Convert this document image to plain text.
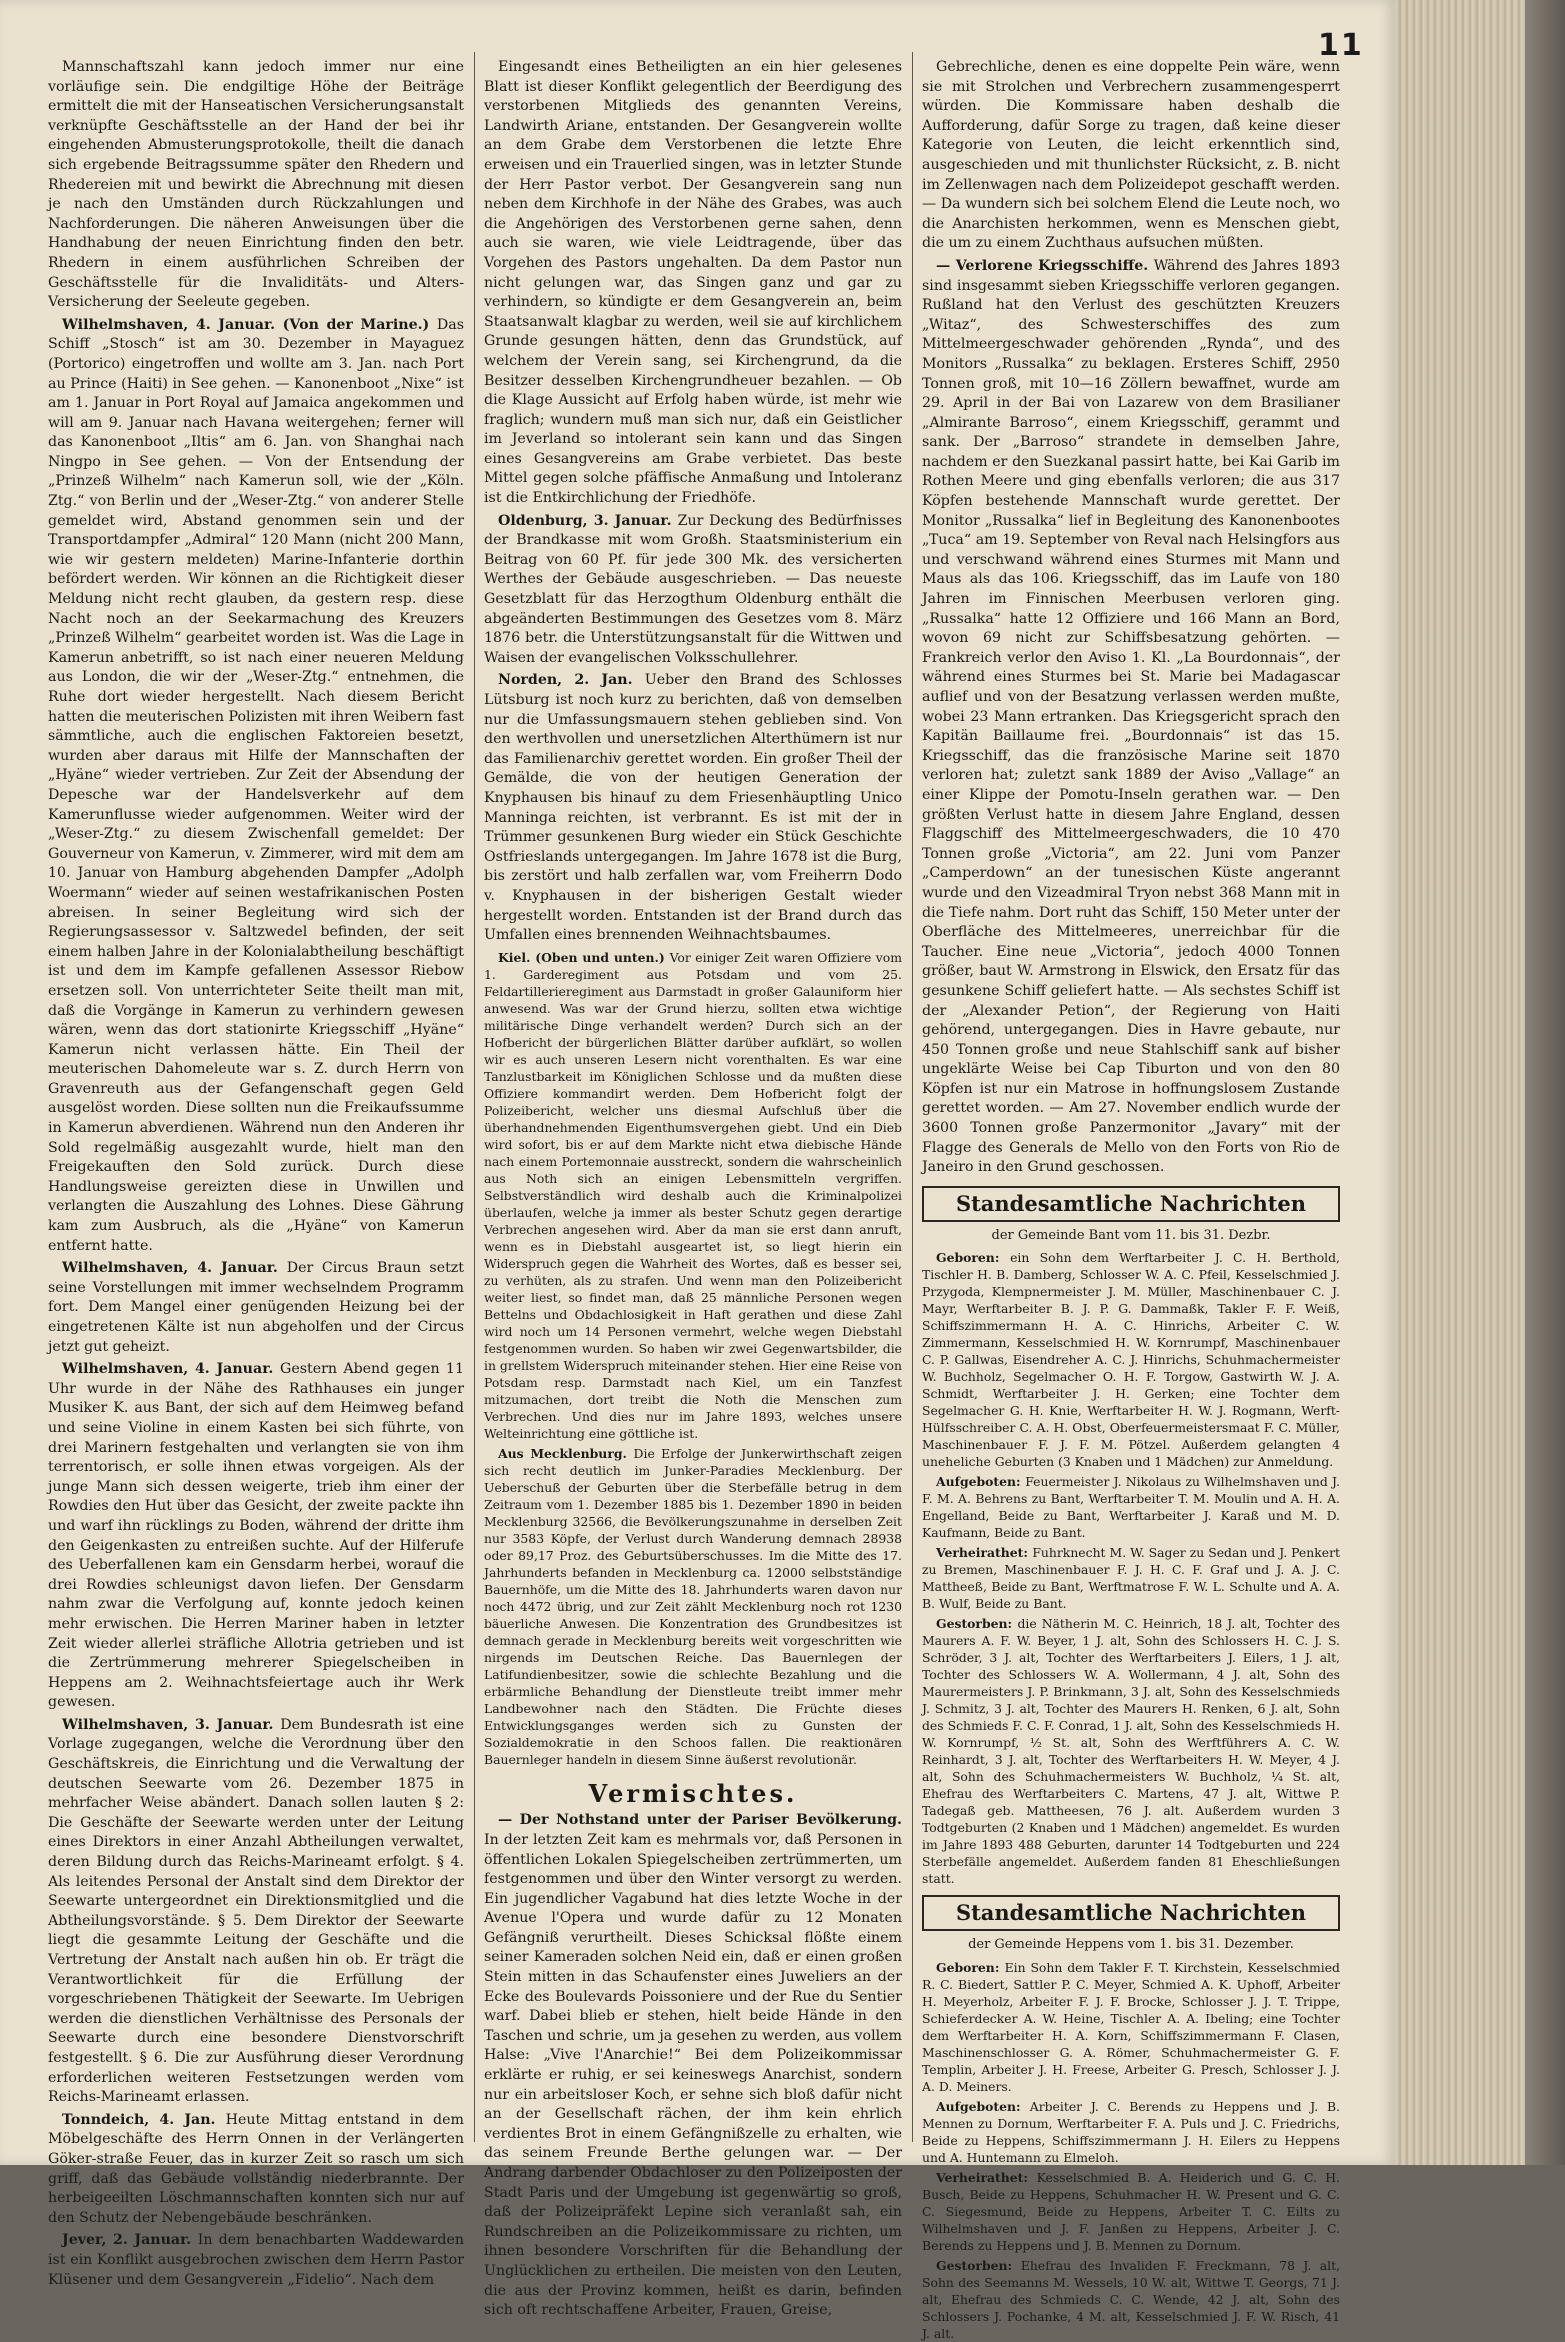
11

Mannschaftszahl kann jedoch immer nur eine vorläufige sein. Die endgiltige Höhe der Beiträge ermittelt die mit der Hanseatischen Versicherungsanstalt verknüpfte Geschäftsstelle an der Hand der bei ihr eingehenden Abmusterungsprotokolle, theilt die danach sich ergebende Beitragssumme später den Rhedern und Rhedereien mit und bewirkt die Abrechnung mit diesen je nach den Umständen durch Rückzahlungen und Nachforderungen. Die näheren Anweisungen über die Handhabung der neuen Einrichtung finden den betr. Rhedern in einem ausführlichen Schreiben der Geschäftsstelle für die Invaliditäts- und Alters-Versicherung der Seeleute gegeben.

Wilhelmshaven, 4. Januar. (Von der Marine.) Das Schiff „Stosch“ ist am 30. Dezember in Mayaguez (Portorico) eingetroffen und wollte am 3. Jan. nach Port au Prince (Haiti) in See gehen. — Kanonenboot „Nixe“ ist am 1. Januar in Port Royal auf Jamaica angekommen und will am 9. Januar nach Havana weitergehen; ferner will das Kanonenboot „Iltis“ am 6. Jan. von Shanghai nach Ningpo in See gehen. — Von der Entsendung der „Prinzeß Wilhelm“ nach Kamerun soll, wie der „Köln. Ztg.“ von Berlin und der „Weser-Ztg.“ von anderer Stelle gemeldet wird, Abstand genommen sein und der Transportdampfer „Admiral“ 120 Mann (nicht 200 Mann, wie wir gestern meldeten) Marine-Infanterie dorthin befördert werden. Wir können an die Richtigkeit dieser Meldung nicht recht glauben, da gestern resp. diese Nacht noch an der Seekarmachung des Kreuzers „Prinzeß Wilhelm“ gearbeitet worden ist. Was die Lage in Kamerun anbetrifft, so ist nach einer neueren Meldung aus London, die wir der „Weser-Ztg.“ entnehmen, die Ruhe dort wieder hergestellt. Nach diesem Bericht hatten die meuterischen Polizisten mit ihren Weibern fast sämmtliche, auch die englischen Faktoreien besetzt, wurden aber daraus mit Hilfe der Mannschaften der „Hyäne“ wieder vertrieben. Zur Zeit der Absendung der Depesche war der Handelsverkehr auf dem Kamerunflusse wieder aufgenommen. Weiter wird der „Weser-Ztg.“ zu diesem Zwischenfall gemeldet: Der Gouverneur von Kamerun, v. Zimmerer, wird mit dem am 10. Januar von Hamburg abgehenden Dampfer „Adolph Woermann“ wieder auf seinen westafrikanischen Posten abreisen. In seiner Begleitung wird sich der Regierungsassessor v. Saltzwedel befinden, der seit einem halben Jahre in der Kolonialabtheilung beschäftigt ist und dem im Kampfe gefallenen Assessor Riebow ersetzen soll. Von unterrichteter Seite theilt man mit, daß die Vorgänge in Kamerun zu verhindern gewesen wären, wenn das dort stationirte Kriegsschiff „Hyäne“ Kamerun nicht verlassen hätte. Ein Theil der meuterischen Dahomeleute war s. Z. durch Herrn von Gravenreuth aus der Gefangenschaft gegen Geld ausgelöst worden. Diese sollten nun die Freikaufssumme in Kamerun abverdienen. Während nun den Anderen ihr Sold regelmäßig ausgezahlt wurde, hielt man den Freigekauften den Sold zurück. Durch diese Handlungsweise gereizten diese in Unwillen und verlangten die Auszahlung des Lohnes. Diese Gährung kam zum Ausbruch, als die „Hyäne“ von Kamerun entfernt hatte.

Wilhelmshaven, 4. Januar. Der Circus Braun setzt seine Vorstellungen mit immer wechselndem Programm fort. Dem Mangel einer genügenden Heizung bei der eingetretenen Kälte ist nun abgeholfen und der Circus jetzt gut geheizt.

Wilhelmshaven, 4. Januar. Gestern Abend gegen 11 Uhr wurde in der Nähe des Rathhauses ein junger Musiker K. aus Bant, der sich auf dem Heimweg befand und seine Violine in einem Kasten bei sich führte, von drei Marinern festgehalten und verlangten sie von ihm terrentorisch, er solle ihnen etwas vorgeigen. Als der junge Mann sich dessen weigerte, trieb ihm einer der Rowdies den Hut über das Gesicht, der zweite packte ihn und warf ihn rücklings zu Boden, während der dritte ihm den Geigenkasten zu entreißen suchte. Auf der Hilferufe des Ueberfallenen kam ein Gensdarm herbei, worauf die drei Rowdies schleunigst davon liefen. Der Gensdarm nahm zwar die Verfolgung auf, konnte jedoch keinen mehr erwischen. Die Herren Mariner haben in letzter Zeit wieder allerlei sträfliche Allotria getrieben und ist die Zertrümmerung mehrerer Spiegelscheiben in Heppens am 2. Weihnachtsfeiertage auch ihr Werk gewesen.

Wilhelmshaven, 3. Januar. Dem Bundesrath ist eine Vorlage zugegangen, welche die Verordnung über den Geschäftskreis, die Einrichtung und die Verwaltung der deutschen Seewarte vom 26. Dezember 1875 in mehrfacher Weise abändert. Danach sollen lauten § 2: Die Geschäfte der Seewarte werden unter der Leitung eines Direktors in einer Anzahl Abtheilungen verwaltet, deren Bildung durch das Reichs-Marineamt erfolgt. § 4. Als leitendes Personal der Anstalt sind dem Direktor der Seewarte untergeordnet ein Direktionsmitglied und die Abtheilungsvorstände. § 5. Dem Direktor der Seewarte liegt die gesammte Leitung der Geschäfte und die Vertretung der Anstalt nach außen hin ob. Er trägt die Verantwortlichkeit für die Erfüllung der vorgeschriebenen Thätigkeit der Seewarte. Im Uebrigen werden die dienstlichen Verhältnisse des Personals der Seewarte durch eine besondere Dienstvorschrift festgestellt. § 6. Die zur Ausführung dieser Verordnung erforderlichen weiteren Festsetzungen werden vom Reichs-Marineamt erlassen.

Tonndeich, 4. Jan. Heute Mittag entstand in dem Möbelgeschäfte des Herrn Onnen in der Verlängerten Göker-straße Feuer, das in kurzer Zeit so rasch um sich griff, daß das Gebäude vollständig niederbrannte. Der herbeigeeilten Löschmannschaften konnten sich nur auf den Schutz der Nebengebäude beschränken.

Jever, 2. Januar. In dem benachbarten Waddewarden ist ein Konflikt ausgebrochen zwischen dem Herrn Pastor Klüsener und dem Gesangverein „Fidelio“. Nach dem

Eingesandt eines Betheiligten an ein hier gelesenes Blatt ist dieser Konflikt gelegentlich der Beerdigung des verstorbenen Mitglieds des genannten Vereins, Landwirth Ariane, entstanden. Der Gesangverein wollte an dem Grabe dem Verstorbenen die letzte Ehre erweisen und ein Trauerlied singen, was in letzter Stunde der Herr Pastor verbot. Der Gesangverein sang nun neben dem Kirchhofe in der Nähe des Grabes, was auch die Angehörigen des Verstorbenen gerne sahen, denn auch sie waren, wie viele Leidtragende, über das Vorgehen des Pastors ungehalten. Da dem Pastor nun nicht gelungen war, das Singen ganz und gar zu verhindern, so kündigte er dem Gesangverein an, beim Staatsanwalt klagbar zu werden, weil sie auf kirchlichem Grunde gesungen hätten, denn das Grundstück, auf welchem der Verein sang, sei Kirchengrund, da die Besitzer desselben Kirchengrundheuer bezahlen. — Ob die Klage Aussicht auf Erfolg haben würde, ist mehr wie fraglich; wundern muß man sich nur, daß ein Geistlicher im Jeverland so intolerant sein kann und das Singen eines Gesangvereins am Grabe verbietet. Das beste Mittel gegen solche pfäffische Anmaßung und Intoleranz ist die Entkirchlichung der Friedhöfe.

Oldenburg, 3. Januar. Zur Deckung des Bedürfnisses der Brandkasse mit wom Großh. Staatsministerium ein Beitrag von 60 Pf. für jede 300 Mk. des versicherten Werthes der Gebäude ausgeschrieben. — Das neueste Gesetzblatt für das Herzogthum Oldenburg enthält die abgeänderten Bestimmungen des Gesetzes vom 8. März 1876 betr. die Unterstützungsanstalt für die Wittwen und Waisen der evangelischen Volksschullehrer.

Norden, 2. Jan. Ueber den Brand des Schlosses Lütsburg ist noch kurz zu berichten, daß von demselben nur die Umfassungsmauern stehen geblieben sind. Von den werthvollen und unersetzlichen Alterthümern ist nur das Familienarchiv gerettet worden. Ein großer Theil der Gemälde, die von der heutigen Generation der Knyphausen bis hinauf zu dem Friesenhäuptling Unico Manninga reichten, ist verbrannt. Es ist mit der in Trümmer gesunkenen Burg wieder ein Stück Geschichte Ostfrieslands untergegangen. Im Jahre 1678 ist die Burg, bis zerstört und halb zerfallen war, vom Freiherrn Dodo v. Knyphausen in der bisherigen Gestalt wieder hergestellt worden. Entstanden ist der Brand durch das Umfallen eines brennenden Weihnachtsbaumes.

Kiel. (Oben und unten.) Vor einiger Zeit waren Offiziere vom 1. Garderegiment aus Potsdam und vom 25. Feldartillerieregiment aus Darmstadt in großer Galauniform hier anwesend. Was war der Grund hierzu, sollten etwa wichtige militärische Dinge verhandelt werden? Durch sich an der Hofbericht der bürgerlichen Blätter darüber aufklärt, so wollen wir es auch unseren Lesern nicht vorenthalten. Es war eine Tanzlustbarkeit im Königlichen Schlosse und da mußten diese Offiziere kommandirt werden. Dem Hofbericht folgt der Polizeibericht, welcher uns diesmal Aufschluß über die überhandnehmenden Eigenthumsvergehen giebt. Und ein Dieb wird sofort, bis er auf dem Markte nicht etwa diebische Hände nach einem Portemonnaie ausstreckt, sondern die wahrscheinlich aus Noth sich an einigen Lebensmitteln vergriffen. Selbstverständlich wird deshalb auch die Kriminalpolizei überlaufen, welche ja immer als bester Schutz gegen derartige Verbrechen angesehen wird. Aber da man sie erst dann anruft, wenn es in Diebstahl ausgeartet ist, so liegt hierin ein Widerspruch gegen die Wahrheit des Wortes, daß es besser sei, zu verhüten, als zu strafen. Und wenn man den Polizeibericht weiter liest, so findet man, daß 25 männliche Personen wegen Bettelns und Obdachlosigkeit in Haft gerathen und diese Zahl wird noch um 14 Personen vermehrt, welche wegen Diebstahl festgenommen wurden. So haben wir zwei Gegenwartsbilder, die in grellstem Widerspruch miteinander stehen. Hier eine Reise von Potsdam resp. Darmstadt nach Kiel, um ein Tanzfest mitzumachen, dort treibt die Noth die Menschen zum Verbrechen. Und dies nur im Jahre 1893, welches unsere Welteinrichtung eine göttliche ist.

Aus Mecklenburg. Die Erfolge der Junkerwirthschaft zeigen sich recht deutlich im Junker-Paradies Mecklenburg. Der Ueberschuß der Geburten über die Sterbefälle betrug in dem Zeitraum vom 1. Dezember 1885 bis 1. Dezember 1890 in beiden Mecklenburg 32566, die Bevölkerungszunahme in derselben Zeit nur 3583 Köpfe, der Verlust durch Wanderung demnach 28938 oder 89,17 Proz. des Geburtsüberschusses. Im die Mitte des 17. Jahrhunderts befanden in Mecklenburg ca. 12000 selbstständige Bauernhöfe, um die Mitte des 18. Jahrhunderts waren davon nur noch 4472 übrig, und zur Zeit zählt Mecklenburg noch rot 1230 bäuerliche Anwesen. Die Konzentration des Grundbesitzes ist demnach gerade in Mecklenburg bereits weit vorgeschritten wie nirgends im Deutschen Reiche. Das Bauernlegen der Latifundienbesitzer, sowie die schlechte Bezahlung und die erbärmliche Behandlung der Dienstleute treibt immer mehr Landbewohner nach den Städten. Die Früchte dieses Entwicklungsganges werden sich zu Gunsten der Sozialdemokratie in den Schoos fallen. Die reaktionären Bauernleger handeln in diesem Sinne äußerst revolutionär.

Vermischtes.

— Der Nothstand unter der Pariser Bevölkerung. In der letzten Zeit kam es mehrmals vor, daß Personen in öffentlichen Lokalen Spiegelscheiben zertrümmerten, um festgenommen und über den Winter versorgt zu werden. Ein jugendlicher Vagabund hat dies letzte Woche in der Avenue l'Opera und wurde dafür zu 12 Monaten Gefängniß verurtheilt. Dieses Schicksal flößte einem seiner Kameraden solchen Neid ein, daß er einen großen Stein mitten in das Schaufenster eines Juweliers an der Ecke des Boulevards Poissoniere und der Rue du Sentier warf. Dabei blieb er stehen, hielt beide Hände in den Taschen und schrie, um ja gesehen zu werden, aus vollem Halse: „Vive l'Anarchie!“ Bei dem Polizeikommissar erklärte er ruhig, er sei keineswegs Anarchist, sondern nur ein arbeitsloser Koch, er sehne sich bloß dafür nicht an der Gesellschaft rächen, der ihm kein ehrlich verdientes Brot in einem Gefängnißzelle zu erhalten, wie das seinem Freunde Berthe gelungen war. — Der Andrang darbender Obdachloser zu den Polizeiposten der Stadt Paris und der Umgebung ist gegenwärtig so groß, daß der Polizeipräfekt Lepine sich veranlaßt sah, ein Rundschreiben an die Polizeikommissare zu richten, um ihnen besondere Vorschriften für die Behandlung der Unglücklichen zu ertheilen. Die meisten von den Leuten, die aus der Provinz kommen, heißt es darin, befinden sich oft rechtschaffene Arbeiter, Frauen, Greise,

Gebrechliche, denen es eine doppelte Pein wäre, wenn sie mit Strolchen und Verbrechern zusammengesperrt würden. Die Kommissare haben deshalb die Aufforderung, dafür Sorge zu tragen, daß keine dieser Kategorie von Leuten, die leicht erkenntlich sind, ausgeschieden und mit thunlichster Rücksicht, z. B. nicht im Zellenwagen nach dem Polizeidepot geschafft werden. — Da wundern sich bei solchem Elend die Leute noch, wo die Anarchisten herkommen, wenn es Menschen giebt, die um zu einem Zuchthaus aufsuchen müßten.

— Verlorene Kriegsschiffe. Während des Jahres 1893 sind insgesammt sieben Kriegsschiffe verloren gegangen. Rußland hat den Verlust des geschützten Kreuzers „Witaz“, des Schwesterschiffes des zum Mittelmeergeschwader gehörenden „Rynda“, und des Monitors „Russalka“ zu beklagen. Ersteres Schiff, 2950 Tonnen groß, mit 10—16 Zöllern bewaffnet, wurde am 29. April in der Bai von Lazarew von dem Brasilianer „Almirante Barroso“, einem Kriegsschiff, gerammt und sank. Der „Barroso“ strandete in demselben Jahre, nachdem er den Suezkanal passirt hatte, bei Kai Garib im Rothen Meere und ging ebenfalls verloren; die aus 317 Köpfen bestehende Mannschaft wurde gerettet. Der Monitor „Russalka“ lief in Begleitung des Kanonenbootes „Tuca“ am 19. September von Reval nach Helsingfors aus und verschwand während eines Sturmes mit Mann und Maus als das 106. Kriegsschiff, das im Laufe von 180 Jahren im Finnischen Meerbusen verloren ging. „Russalka“ hatte 12 Offiziere und 166 Mann an Bord, wovon 69 nicht zur Schiffsbesatzung gehörten. — Frankreich verlor den Aviso 1. Kl. „La Bourdonnais“, der während eines Sturmes bei St. Marie bei Madagascar auflief und von der Besatzung verlassen werden mußte, wobei 23 Mann ertranken. Das Kriegsgericht sprach den Kapitän Baillaume frei. „Bourdonnais“ ist das 15. Kriegsschiff, das die französische Marine seit 1870 verloren hat; zuletzt sank 1889 der Aviso „Vallage“ an einer Klippe der Pomotu-Inseln gerathen war. — Den größten Verlust hatte in diesem Jahre England, dessen Flaggschiff des Mittelmeergeschwaders, die 10 470 Tonnen große „Victoria“, am 22. Juni vom Panzer „Camperdown“ an der tunesischen Küste angerannt wurde und den Vizeadmiral Tryon nebst 368 Mann mit in die Tiefe nahm. Dort ruht das Schiff, 150 Meter unter der Oberfläche des Mittelmeeres, unerreichbar für die Taucher. Eine neue „Victoria“, jedoch 4000 Tonnen größer, baut W. Armstrong in Elswick, den Ersatz für das gesunkene Schiff geliefert hatte. — Als sechstes Schiff ist der „Alexander Petion“, der Regierung von Haiti gehörend, untergegangen. Dies in Havre gebaute, nur 450 Tonnen große und neue Stahlschiff sank auf bisher ungeklärte Weise bei Cap Tiburton und von den 80 Köpfen ist nur ein Matrose in hoffnungslosem Zustande gerettet worden. — Am 27. November endlich wurde der 3600 Tonnen große Panzermonitor „Javary“ mit der Flagge des Generals de Mello von den Forts von Rio de Janeiro in den Grund geschossen.

Standesamtliche Nachrichten
der Gemeinde Bant vom 11. bis 31. Dezbr.

Geboren: ein Sohn dem Werftarbeiter J. C. H. Berthold, Tischler H. B. Damberg, Schlosser W. A. C. Pfeil, Kesselschmied J. Przygoda, Klempnermeister J. M. Müller, Maschinenbauer C. J. Mayr, Werftarbeiter B. J. P. G. Dammaßk, Takler F. F. Weiß, Schiffszimmermann H. A. C. Hinrichs, Arbeiter C. W. Zimmermann, Kesselschmied H. W. Kornrumpf, Maschinenbauer C. P. Gallwas, Eisendreher A. C. J. Hinrichs, Schuhmachermeister W. Buchholz, Segelmacher O. H. F. Torgow, Gastwirth W. J. A. Schmidt, Werftarbeiter J. H. Gerken; eine Tochter dem Segelmacher G. H. Knie, Werftarbeiter H. W. J. Rogmann, Werft-Hülfsschreiber C. A. H. Obst, Oberfeuermeistersmaat F. C. Müller, Maschinenbauer F. J. F. M. Pötzel. Außerdem gelangten 4 uneheliche Geburten (3 Knaben und 1 Mädchen) zur Anmeldung.

Aufgeboten: Feuermeister J. Nikolaus zu Wilhelmshaven und J. F. M. A. Behrens zu Bant, Werftarbeiter T. M. Moulin und A. H. A. Engelland, Beide zu Bant, Werftarbeiter J. Karaß und M. D. Kaufmann, Beide zu Bant.

Verheirathet: Fuhrknecht M. W. Sager zu Sedan und J. Penkert zu Bremen, Maschinenbauer F. J. H. C. F. Graf und J. A. J. C. Mattheeß, Beide zu Bant, Werftmatrose F. W. L. Schulte und A. A. B. Wulf, Beide zu Bant.

Gestorben: die Nätherin M. C. Heinrich, 18 J. alt, Tochter des Maurers A. F. W. Beyer, 1 J. alt, Sohn des Schlossers H. C. J. S. Schröder, 3 J. alt, Tochter des Werftarbeiters J. Eilers, 1 J. alt, Tochter des Schlossers W. A. Wollermann, 4 J. alt, Sohn des Maurermeisters J. P. Brinkmann, 3 J. alt, Sohn des Kesselschmieds J. Schmitz, 3 J. alt, Tochter des Maurers H. Renken, 6 J. alt, Sohn des Schmieds F. C. F. Conrad, 1 J. alt, Sohn des Kesselschmieds H. W. Kornrumpf, ½ St. alt, Sohn des Werftführers A. C. W. Reinhardt, 3 J. alt, Tochter des Werftarbeiters H. W. Meyer, 4 J. alt, Sohn des Schuhmachermeisters W. Buchholz, ¼ St. alt, Ehefrau des Werftarbeiters C. Martens, 47 J. alt, Wittwe P. Tadegaß geb. Mattheesen, 76 J. alt. Außerdem wurden 3 Todtgeburten (2 Knaben und 1 Mädchen) angemeldet. Es wurden im Jahre 1893 488 Geburten, darunter 14 Todtgeburten und 224 Sterbefälle angemeldet. Außerdem fanden 81 Eheschließungen statt.

Standesamtliche Nachrichten
der Gemeinde Heppens vom 1. bis 31. Dezember.

Geboren: Ein Sohn dem Takler F. T. Kirchstein, Kesselschmied R. C. Biedert, Sattler P. C. Meyer, Schmied A. K. Uphoff, Arbeiter H. Meyerholz, Arbeiter F. J. F. Brocke, Schlosser J. J. T. Trippe, Schieferdecker A. W. Heine, Tischler A. A. Ibeling; eine Tochter dem Werftarbeiter H. A. Korn, Schiffszimmermann F. Clasen, Maschinenschlosser G. A. Römer, Schuhmachermeister G. F. Templin, Arbeiter J. H. Freese, Arbeiter G. Presch, Schlosser J. J. A. D. Meiners.

Aufgeboten: Arbeiter J. C. Berends zu Heppens und J. B. Mennen zu Dornum, Werftarbeiter F. A. Puls und J. C. Friedrichs, Beide zu Heppens, Schiffszimmermann J. H. Eilers zu Heppens und A. Huntemann zu Elmeloh.

Verheirathet: Kesselschmied B. A. Heiderich und G. C. H. Busch, Beide zu Heppens, Schuhmacher H. W. Present und G. C. C. Siegesmund, Beide zu Heppens, Arbeiter T. C. Eilts zu Wilhelmshaven und J. F. Janßen zu Heppens, Arbeiter J. C. Berends zu Heppens und J. B. Mennen zu Dornum.

Gestorben: Ehefrau des Invaliden F. Freckmann, 78 J. alt, Sohn des Seemanns M. Wessels, 10 W. alt, Wittwe T. Georgs, 71 J. alt, Ehefrau des Schmieds C. C. Wende, 42 J. alt, Sohn des Schlossers J. Pochanke, 4 M. alt, Kesselschmied J. F. W. Risch, 41 J. alt.
